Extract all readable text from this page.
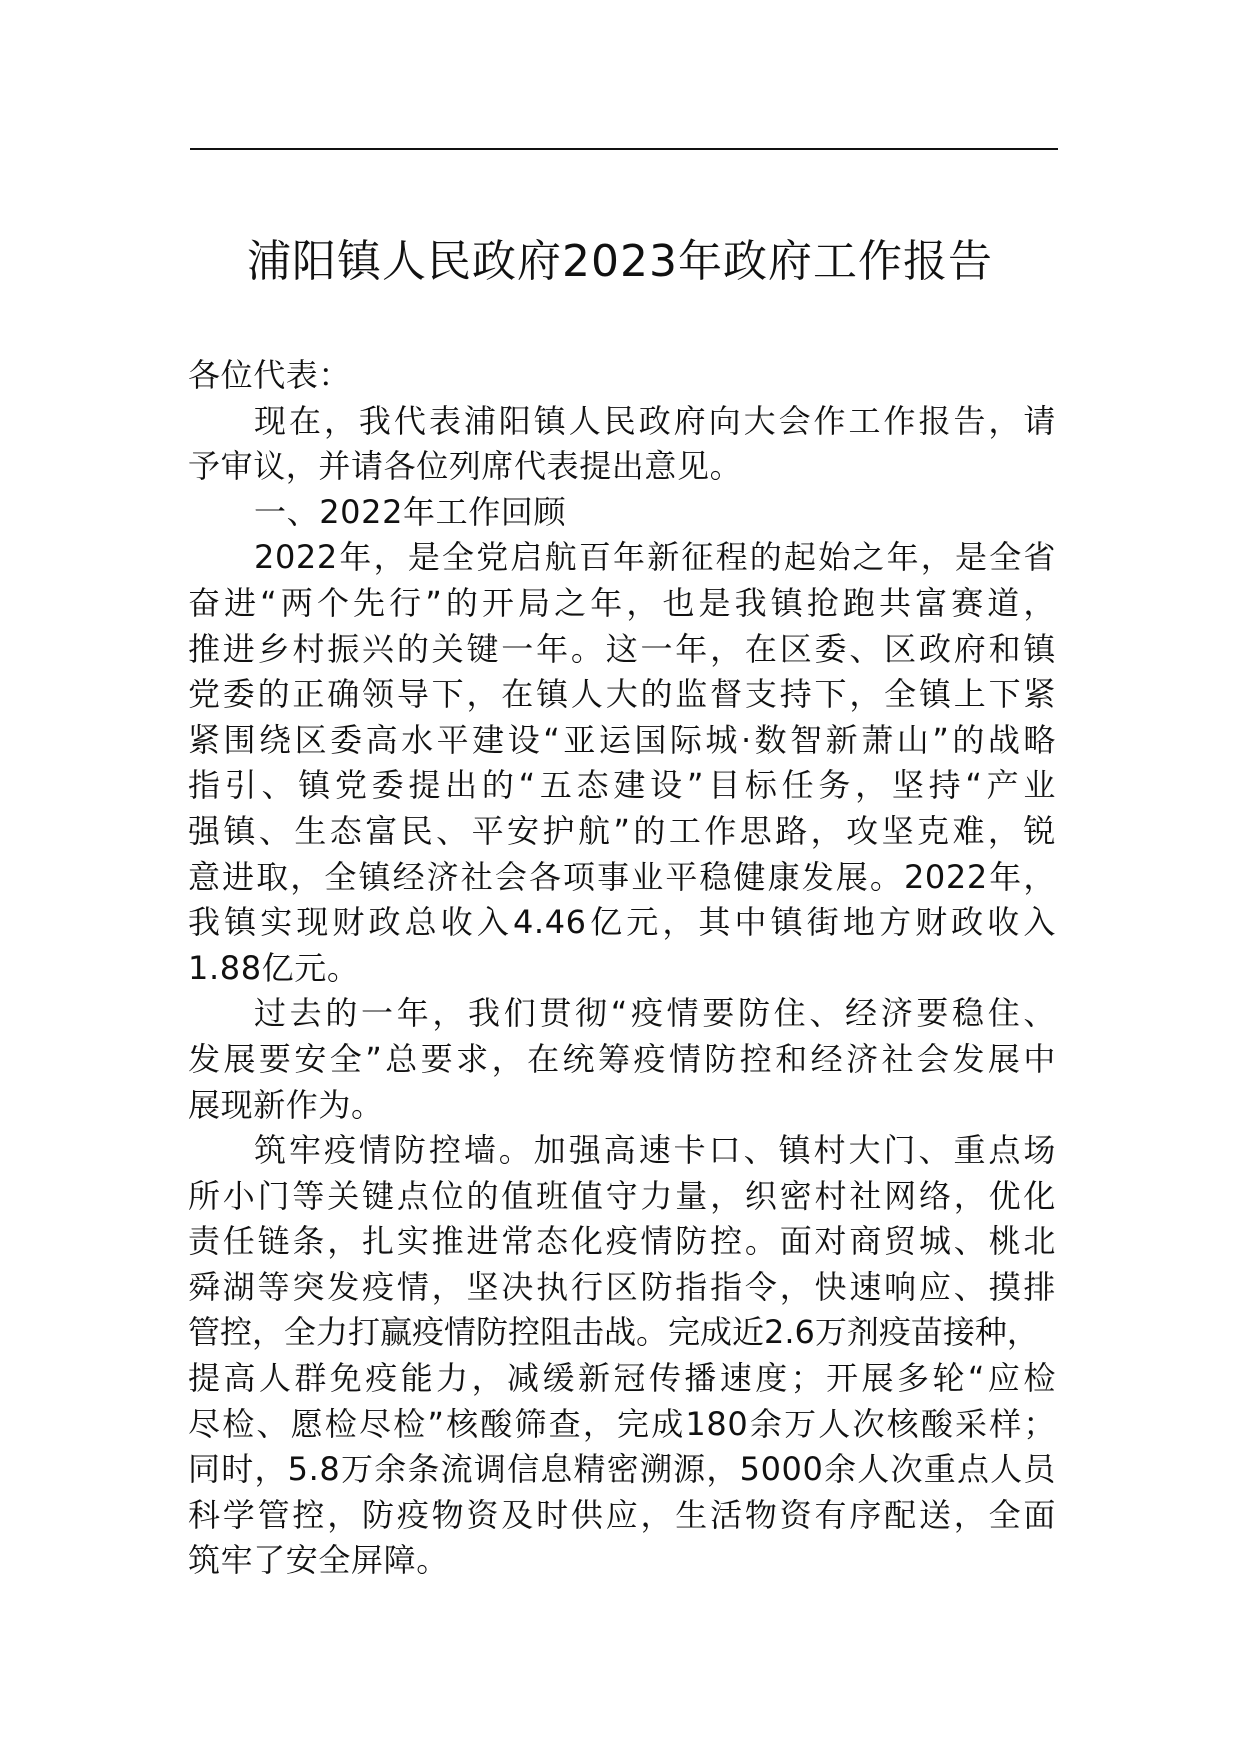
浦阳镇人民政府2023年政府工作报告

各位代表：

现在，我代表浦阳镇人民政府向大会作工作报告，请
予审议，并请各位列席代表提出意见。

一、2022年工作回顾

2022年，是全党启航百年新征程的起始之年，是全省
奋进“两个先行”的开局之年，也是我镇抢跑共富赛道，
推进乡村振兴的关键一年。这一年，在区委、区政府和镇
党委的正确领导下，在镇人大的监督支持下，全镇上下紧
紧围绕区委高水平建设“亚运国际城·数智新萧山”的战略
指引、镇党委提出的“五态建设”目标任务，坚持“产业
强镇、生态富民、平安护航”的工作思路，攻坚克难，锐
意进取，全镇经济社会各项事业平稳健康发展。2022年，
我镇实现财政总收入4.46亿元，其中镇街地方财政收入
1.88亿元。

过去的一年，我们贯彻“疫情要防住、经济要稳住、
发展要安全”总要求，在统筹疫情防控和经济社会发展中
展现新作为。

筑牢疫情防控墙。加强高速卡口、镇村大门、重点场
所小门等关键点位的值班值守力量，织密村社网络，优化
责任链条，扎实推进常态化疫情防控。面对商贸城、桃北
舜湖等突发疫情，坚决执行区防指指令，快速响应、摸排
管控，全力打赢疫情防控阻击战。完成近2.6万剂疫苗接种，
提高人群免疫能力，减缓新冠传播速度；开展多轮“应检
尽检、愿检尽检”核酸筛查，完成180余万人次核酸采样；
同时，5.8万余条流调信息精密溯源，5000余人次重点人员
科学管控，防疫物资及时供应，生活物资有序配送，全面
筑牢了安全屏障。
